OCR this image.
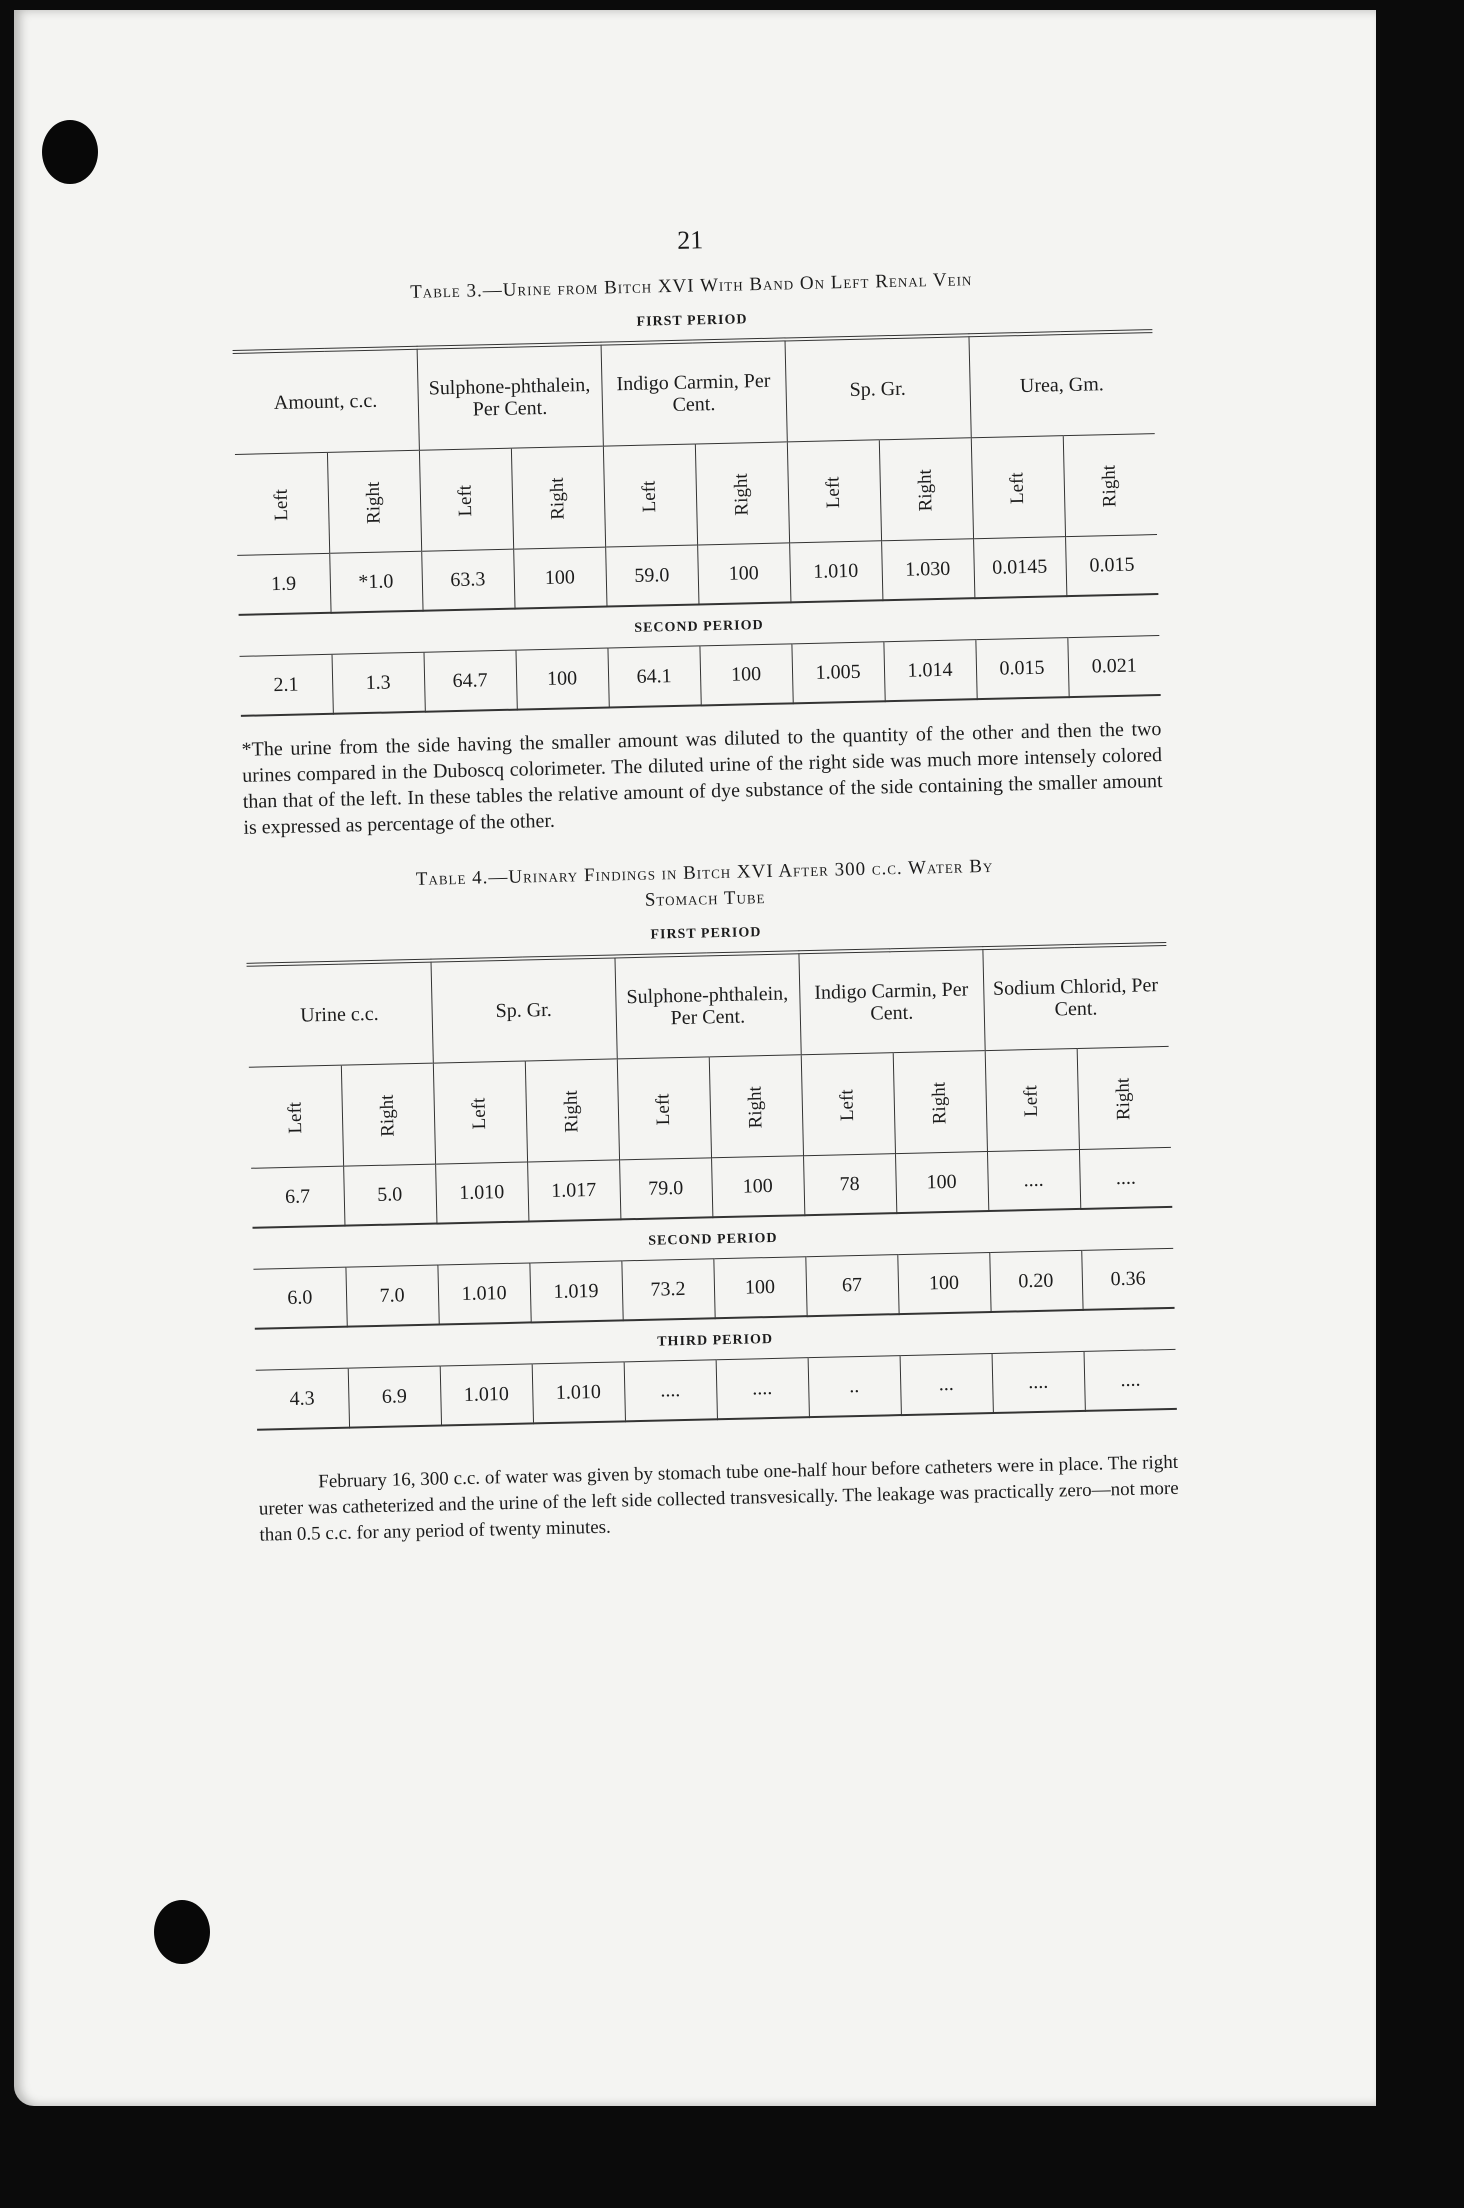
21
Table 3.—Urine from Bitch XVI With Band On Left Renal Vein
FIRST PERIOD
Amount, c.c.		Sulphone-phthalein, Per Cent.		Indigo Carmin, Per Cent.		Sp. Gr.		Urea, Gm.	
Left	Right	Left	Right	Left	Right	Left	Right	Left	Right
1.9	*1.0	63.3	100	59.0	100	1.010	1.030	0.0145	0.015
SECOND PERIOD
2.1	1.3	64.7	100	64.1	100	1.005	1.014	0.015	0.021
*The urine from the side having the smaller amount was diluted to the quantity of the other and then the two urines compared in the Duboscq colorimeter. The diluted urine of the right side was much more intensely colored than that of the left. In these tables the relative amount of dye substance of the side containing the smaller amount is expressed as percentage of the other.
Table 4.—Urinary Findings in Bitch XVI After 300 c.c. Water By
Stomach Tube
FIRST PERIOD
Urine c.c.		Sp. Gr.		Sulphone-phthalein, Per Cent.		Indigo Carmin, Per Cent.		Sodium Chlorid, Per Cent.	
Left	Right	Left	Right	Left	Right	Left	Right	Left	Right
6.7	5.0	1.010	1.017	79.0	100	78	100	....	....
SECOND PERIOD
6.0	7.0	1.010	1.019	73.2	100	67	100	0.20	0.36
THIRD PERIOD
4.3	6.9	1.010	1.010	....	....	..	...	....	....
February 16, 300 c.c. of water was given by stomach tube one-half hour before catheters were in place. The right ureter was catheterized and the urine of the left side collected transvesically. The leakage was practically zero—not more than 0.5 c.c. for any period of twenty minutes.
